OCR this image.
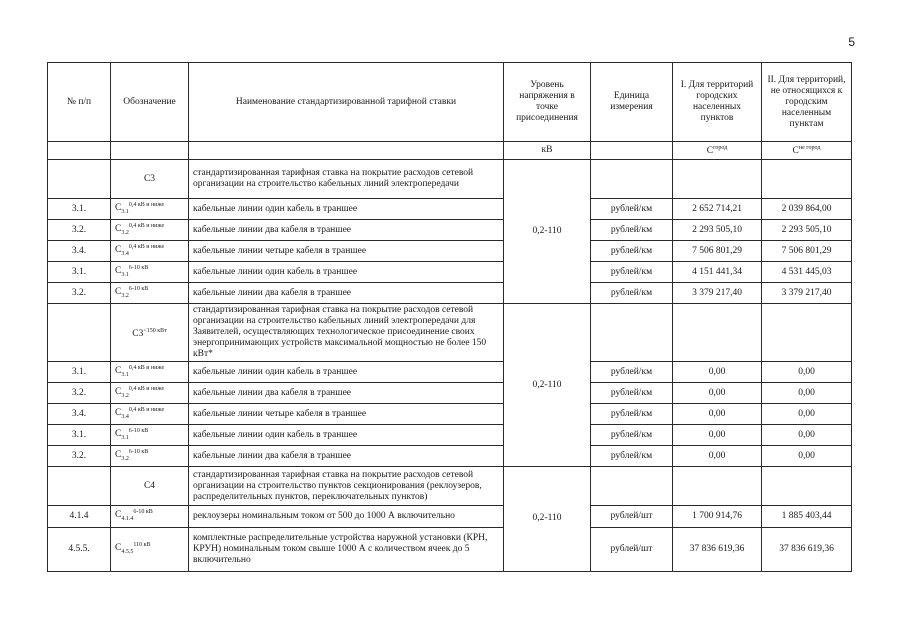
5
№ п/п	Обозначение	Наименование стандартизированной тарифной ставки	Уровень напряжения в точке присоединения	Единица измерения	I. Для территорий городских населенных пунктов	II. Для территорий, не относящихся к городским населенным пунктам
			кВ		$С^{город}$	$С^{не город}$
	С3	стандартизированная тарифная ставка на покрытие расходов сетевой организации на строительство кабельных линий электропередачи	0,2-110			
3.1.	$С_{3.1}^{0,4 кВ и ниже}$	кабельные линии один кабель в траншее		рублей/км	2 652 714,21	2 039 864,00
3.2.	$С_{3.2}^{0,4 кВ и ниже}$	кабельные линии два кабеля в траншее		рублей/км	2 293 505,10	2 293 505,10
3.4.	$С_{3.4}^{0,4 кВ и ниже}$	кабельные линии четыре кабеля в траншее		рублей/км	7 506 801,29	7 506 801,29
3.1.	$С_{3.1}^{6-10 кВ}$	кабельные линии один кабель в траншее		рублей/км	4 151 441,34	4 531 445,03
3.2.	$С_{3.2}^{6-10 кВ}$	кабельные линии два кабеля в траншее		рублей/км	3 379 217,40	3 379 217,40
	$С3^{<150 кВт}$	стандартизированная тарифная ставка на покрытие расходов сетевой организации на строительство кабельных линий электропередачи для Заявителей, осуществляющих технологическое присоединение своих энергопринимающих устройств максимальной мощностью не более 150 кВт*	0,2-110			
3.1.	$С_{3.1}^{0,4 кВ и ниже}$	кабельные линии один кабель в траншее		рублей/км	0,00	0,00
3.2.	$С_{3.2}^{0,4 кВ и ниже}$	кабельные линии два кабеля в траншее		рублей/км	0,00	0,00
3.4.	$С_{3.4}^{0,4 кВ и ниже}$	кабельные линии четыре кабеля в траншее		рублей/км	0,00	0,00
3.1.	$С_{3.1}^{6-10 кВ}$	кабельные линии один кабель в траншее		рублей/км	0,00	0,00
3.2.	$С_{3.2}^{6-10 кВ}$	кабельные линии два кабеля в траншее		рублей/км	0,00	0,00
	С4	стандартизированная тарифная ставка на покрытие расходов сетевой организации на строительство пунктов секционирования (реклоузеров, распределительных пунктов, переключательных пунктов)	0,2-110			
4.1.4	$С_{4.1.4}^{6-10 кВ}$	реклоузеры номинальным током от 500 до 1000 А включительно		рублей/шт	1 700 914,76	1 885 403,44
4.5.5.	$С_{4.5.5}^{110 кВ}$	комплектные распределительные устройства наружной установки (КРН, КРУН) номинальным током свыше 1000 А с количеством ячеек до 5 включительно		рублей/шт	37 836 619,36	37 836 619,36
